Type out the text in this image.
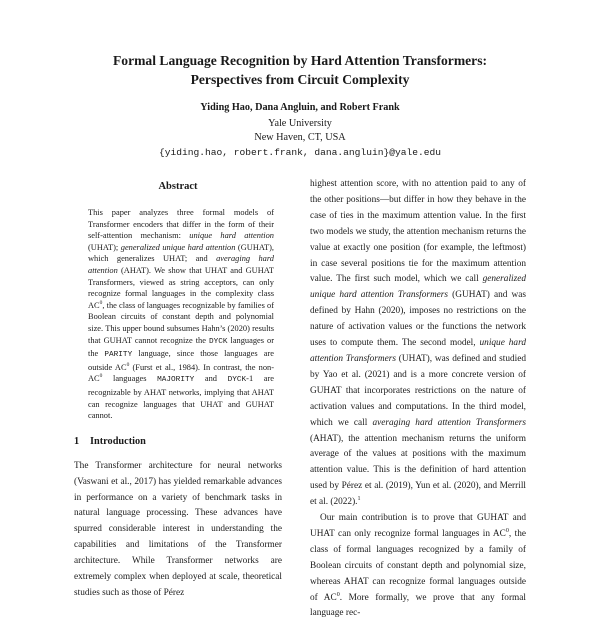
Formal Language Recognition by Hard Attention Transformers:
Perspectives from Circuit Complexity
Yiding Hao, Dana Angluin, and Robert Frank
Yale University
New Haven, CT, USA
{yiding.hao, robert.frank, dana.angluin}@yale.edu
Abstract

This paper analyzes three formal models of Transformer encoders that differ in the form of their self-attention mechanism: unique hard attention (UHAT); generalized unique hard attention (GUHAT), which generalizes UHAT; and averaging hard attention (AHAT). We show that UHAT and GUHAT Transformers, viewed as string acceptors, can only recognize formal languages in the complexity class $AC^0$, the class of languages recognizable by families of Boolean circuits of constant depth and polynomial size. This upper bound subsumes Hahn’s (2020) results that GUHAT cannot recognize the DYCK languages or the PARITY language, since those languages are outside $AC^0$ (Furst et al., 1984). In contrast, the non-$AC^0$ languages MAJORITY and DYCK-1 are recognizable by AHAT networks, implying that AHAT can recognize languages that UHAT and GUHAT cannot.

1 Introduction

The Transformer architecture for neural networks (Vaswani et al., 2017) has yielded remarkable advances in performance on a variety of benchmark tasks in natural language processing. These advances have spurred considerable interest in understanding the capabilities and limitations of the Transformer architecture. While Transformer networks are extremely complex when deployed at scale, theoretical studies such as those of Pérez

highest attention score, with no attention paid to any of the other positions—but differ in how they behave in the case of ties in the maximum attention value. In the first two models we study, the attention mechanism returns the value at exactly one position (for example, the leftmost) in case several positions tie for the maximum attention value. The first such model, which we call generalized unique hard attention Transformers (GUHAT) and was defined by Hahn (2020), imposes no restrictions on the nature of activation values or the functions the network uses to compute them. The second model, unique hard attention Transformers (UHAT), was defined and studied by Yao et al. (2021) and is a more concrete version of GUHAT that incorporates restrictions on the nature of activation values and computations. In the third model, which we call averaging hard attention Transformers (AHAT), the attention mechanism returns the uniform average of the values at positions with the maximum attention value. This is the definition of hard attention used by Pérez et al. (2019), Yun et al. (2020), and Merrill et al. (2022).$^1$

Our main contribution is to prove that GUHAT and UHAT can only recognize formal languages in $AC^0$, the class of formal languages recognized by a family of Boolean circuits of constant depth and polynomial size, whereas AHAT can recognize formal languages outside of $AC^0$. More formally, we prove that any formal language rec-
